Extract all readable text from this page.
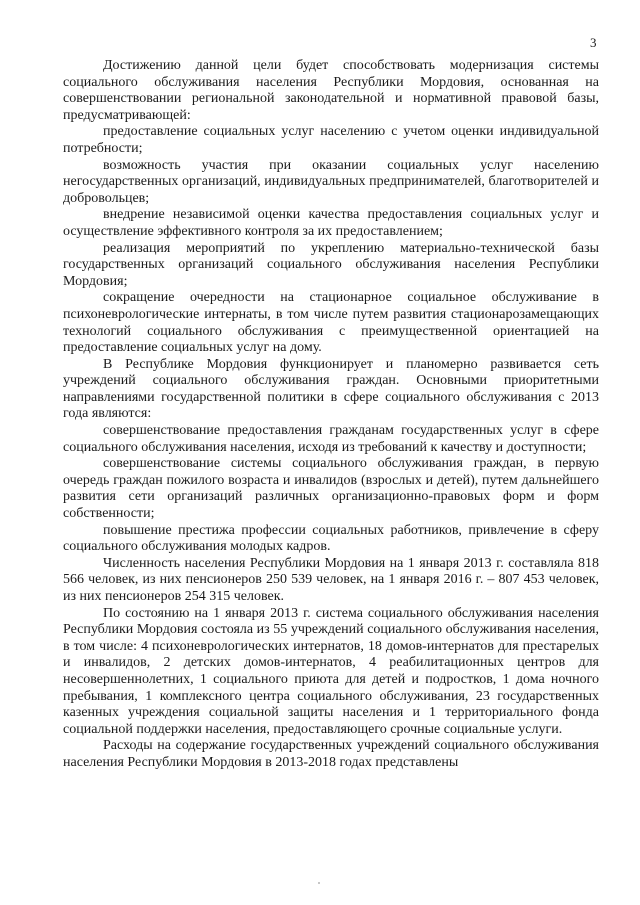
3

Достижению данной цели будет способствовать модернизация системы социального обслуживания населения Республики Мордовия, основанная на совершенствовании региональной законодательной и нормативной правовой базы, предусматривающей:

предоставление социальных услуг населению с учетом оценки индивидуальной потребности;

возможность участия при оказании социальных услуг населению негосударственных организаций, индивидуальных предпринимателей, благотворителей и добровольцев;

внедрение независимой оценки качества предоставления социальных услуг и осуществление эффективного контроля за их предоставлением;

реализация мероприятий по укреплению материально-технической базы государственных организаций социального обслуживания населения Республики Мордовия;

сокращение очередности на стационарное социальное обслуживание в психоневрологические интернаты, в том числе путем развития стационарозамещающих технологий социального обслуживания с преимущественной ориентацией на предоставление социальных услуг на дому.

В Республике Мордовия функционирует и планомерно развивается сеть учреждений социального обслуживания граждан. Основными приоритетными направлениями государственной политики в сфере социального обслуживания с 2013 года являются:

совершенствование предоставления гражданам государственных услуг в сфере социального обслуживания населения, исходя из требований к качеству и доступности;

совершенствование системы социального обслуживания граждан, в первую очередь граждан пожилого возраста и инвалидов (взрослых и детей), путем дальнейшего развития сети организаций различных организационно-правовых форм и форм собственности;

повышение престижа профессии социальных работников, привлечение в сферу социального обслуживания молодых кадров.

Численность населения Республики Мордовия на 1 января 2013 г. составляла 818 566 человек, из них пенсионеров 250 539 человек, на 1 января 2016 г. – 807 453 человек, из них пенсионеров 254 315 человек.

По состоянию на 1 января 2013 г. система социального обслуживания населения Республики Мордовия состояла из 55 учреждений социального обслуживания населения, в том числе: 4 психоневрологических интернатов, 18 домов-интернатов для престарелых и инвалидов, 2 детских домов-интернатов, 4 реабилитационных центров для несовершеннолетних, 1 социального приюта для детей и подростков, 1 дома ночного пребывания, 1 комплексного центра социального обслуживания, 23 государственных казенных учреждения социальной защиты населения и 1 территориального фонда социальной поддержки населения, предоставляющего срочные социальные услуги.

Расходы на содержание государственных учреждений социального обслуживания населения Республики Мордовия в 2013-2018 годах представлены
